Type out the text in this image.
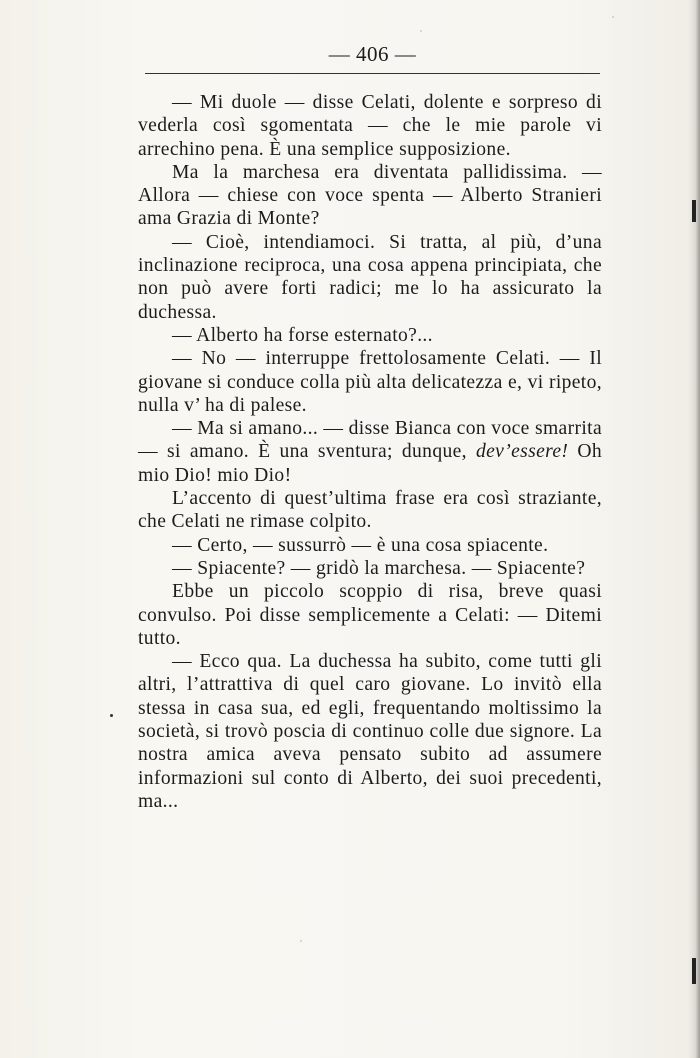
— 406 —

— Mi duole — disse Celati, dolente e sorpreso di vederla così sgomentata — che le mie parole vi arrechino pena. È una semplice supposizione.

Ma la marchesa era diventata pallidissima. — Allora — chiese con voce spenta — Alberto Stranieri ama Grazia di Monte?

— Cioè, intendiamoci. Si tratta, al più, d’una inclinazione reciproca, una cosa appena principiata, che non può avere forti radici; me lo ha assicurato la duchessa.

— Alberto ha forse esternato?...

— No — interruppe frettolosamente Celati. — Il giovane si conduce colla più alta delicatezza e, vi ripeto, nulla v’ ha di palese.

— Ma si amano... — disse Bianca con voce smarrita — si amano. È una sventura; dunque, dev’essere! Oh mio Dio! mio Dio!

L’accento di quest’ultima frase era così straziante, che Celati ne rimase colpito.

— Certo, — sussurrò — è una cosa spiacente.

— Spiacente? — gridò la marchesa. — Spiacente?

Ebbe un piccolo scoppio di risa, breve quasi convulso. Poi disse semplicemente a Celati: — Ditemi tutto.

— Ecco qua. La duchessa ha subito, come tutti gli altri, l’attrattiva di quel caro giovane. Lo invitò ella stessa in casa sua, ed egli, frequentando moltissimo la società, si trovò poscia di continuo colle due signore. La nostra amica aveva pensato subito ad assumere informazioni sul conto di Alberto, dei suoi precedenti, ma...
